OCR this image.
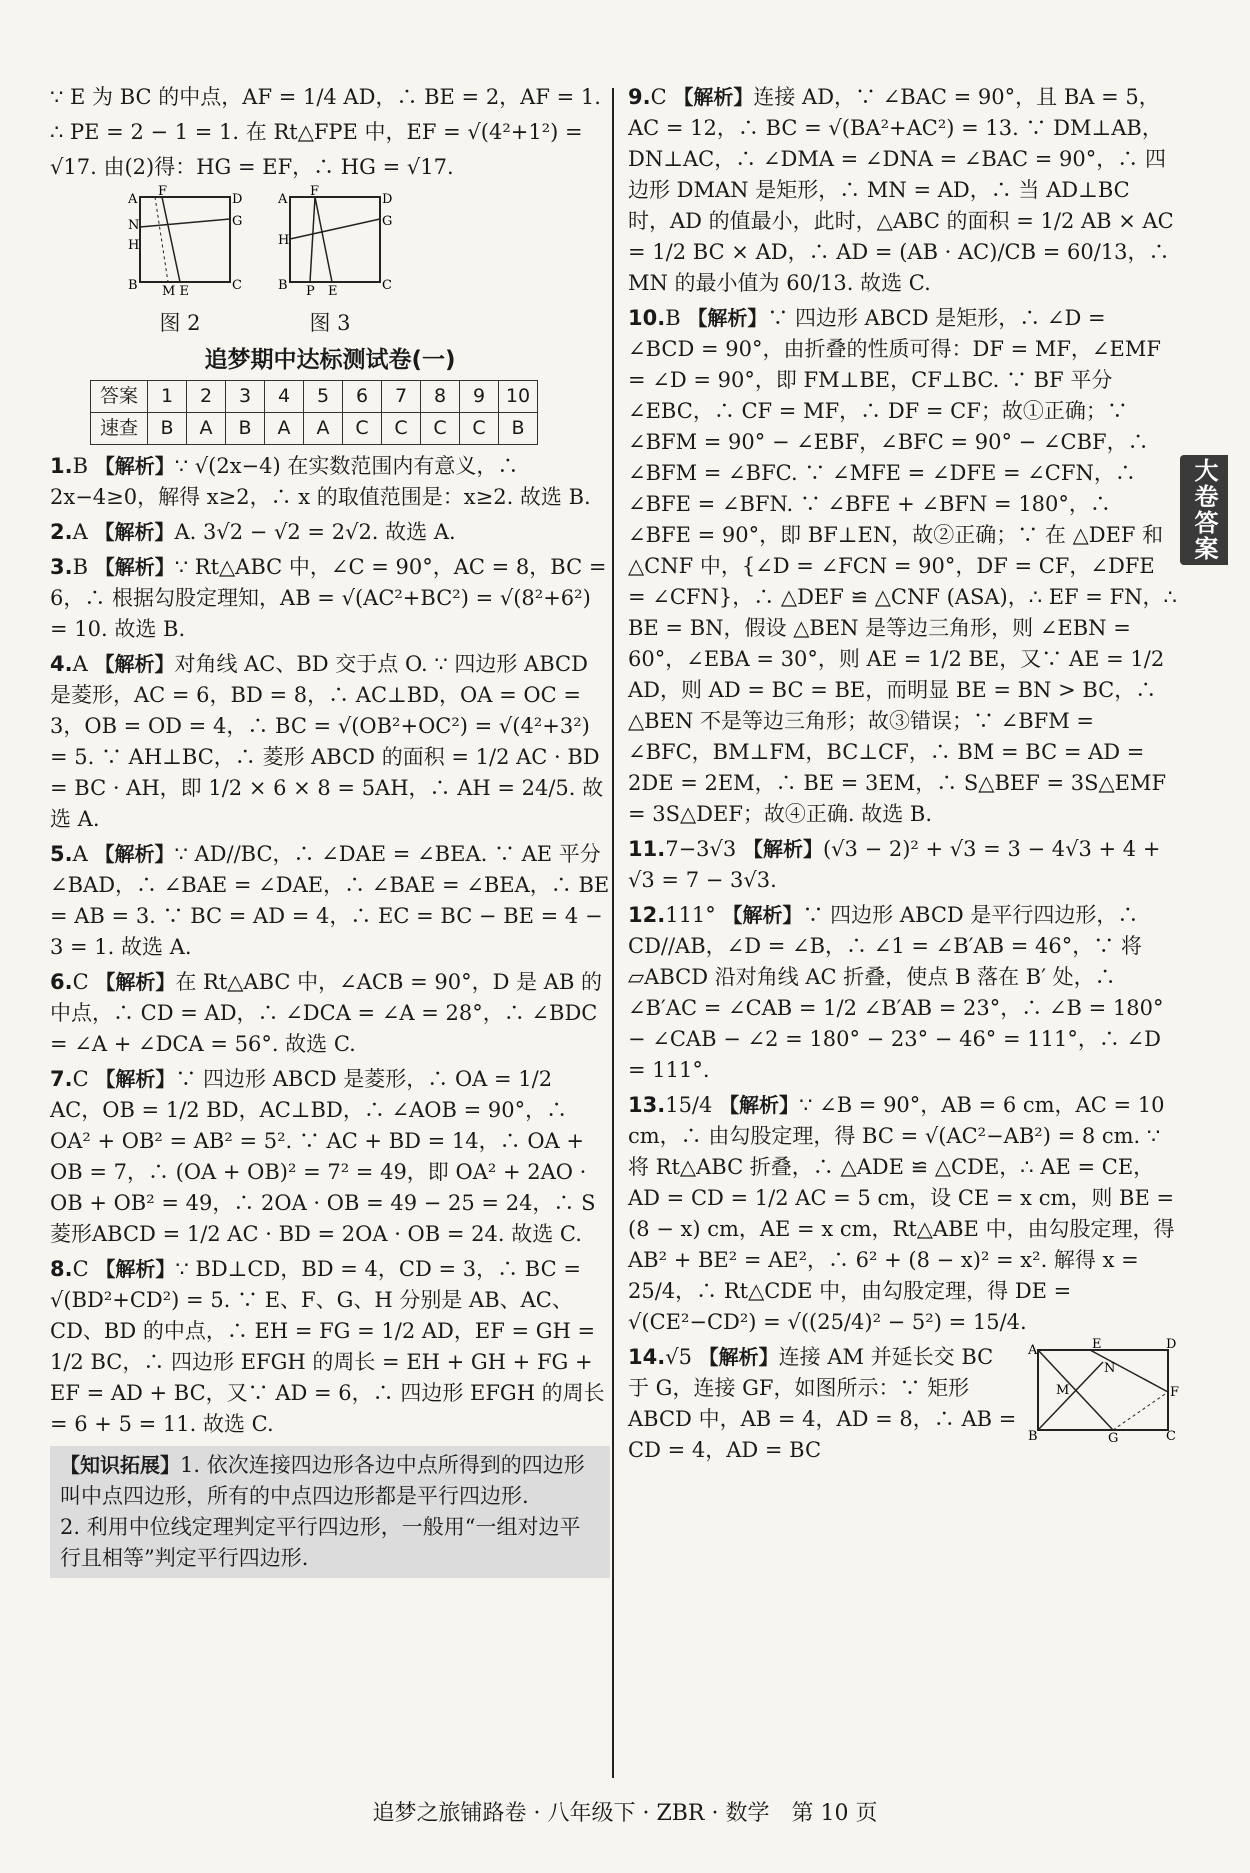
大卷答案

∵ E 为 BC 的中点，AF = 1/4 AD，∴ BE = 2，AF = 1.

∴ PE = 2 − 1 = 1. 在 Rt△FPE 中，EF = √(4²+1²) =

√17. 由(2)得：HG = EF，∴ HG = √17.

A
F
D
N	G
H
B M E	C
图 2
A
F
D
G
H
B P E	C
图 3
追梦期中达标测试卷(一)
答案	1	2	3	4	5	6	7	8	9	10
速查	B	A	B	A	A	C	C	C	C	B

1.B 【解析】∵ √(2x−4) 在实数范围内有意义，∴ 2x−4≥0，解得 x≥2，∴ x 的取值范围是：x≥2. 故选 B.

2.A 【解析】A. 3√2 − √2 = 2√2. 故选 A.

3.B 【解析】∵ Rt△ABC 中，∠C = 90°，AC = 8，BC = 6，∴ 根据勾股定理知，AB = √(AC²+BC²) = √(8²+6²) = 10. 故选 B.

4.A 【解析】对角线 AC、BD 交于点 O. ∵ 四边形 ABCD 是菱形，AC = 6，BD = 8，∴ AC⊥BD，OA = OC = 3，OB = OD = 4，∴ BC = √(OB²+OC²) = √(4²+3²) = 5. ∵ AH⊥BC，∴ 菱形 ABCD 的面积 = 1/2 AC · BD = BC · AH，即 1/2 × 6 × 8 = 5AH，∴ AH = 24/5. 故选 A.

5.A 【解析】∵ AD//BC，∴ ∠DAE = ∠BEA. ∵ AE 平分 ∠BAD，∴ ∠BAE = ∠DAE，∴ ∠BAE = ∠BEA，∴ BE = AB = 3. ∵ BC = AD = 4，∴ EC = BC − BE = 4 − 3 = 1. 故选 A.

6.C 【解析】在 Rt△ABC 中，∠ACB = 90°，D 是 AB 的中点，∴ CD = AD，∴ ∠DCA = ∠A = 28°，∴ ∠BDC = ∠A + ∠DCA = 56°. 故选 C.

7.C 【解析】∵ 四边形 ABCD 是菱形，∴ OA = 1/2 AC，OB = 1/2 BD，AC⊥BD，∴ ∠AOB = 90°，∴ OA² + OB² = AB² = 5². ∵ AC + BD = 14，∴ OA + OB = 7，∴ (OA + OB)² = 7² = 49，即 OA² + 2AO · OB + OB² = 49，∴ 2OA · OB = 49 − 25 = 24，∴ S菱形ABCD = 1/2 AC · BD = 2OA · OB = 24. 故选 C.

8.C 【解析】∵ BD⊥CD，BD = 4，CD = 3，∴ BC = √(BD²+CD²) = 5. ∵ E、F、G、H 分别是 AB、AC、CD、BD 的中点，∴ EH = FG = 1/2 AD，EF = GH = 1/2 BC，∴ 四边形 EFGH 的周长 = EH + GH + FG + EF = AD + BC，又∵ AD = 6，∴ 四边形 EFGH 的周长 = 6 + 5 = 11. 故选 C.

【知识拓展】1. 依次连接四边形各边中点所得到的四边形叫中点四边形，所有的中点四边形都是平行四边形.
2. 利用中位线定理判定平行四边形，一般用“一组对边平行且相等”判定平行四边形.

9.C 【解析】连接 AD，∵ ∠BAC = 90°，且 BA = 5，AC = 12，∴ BC = √(BA²+AC²) = 13. ∵ DM⊥AB，DN⊥AC，∴ ∠DMA = ∠DNA = ∠BAC = 90°，∴ 四边形 DMAN 是矩形，∴ MN = AD，∴ 当 AD⊥BC 时，AD 的值最小，此时，△ABC 的面积 = 1/2 AB × AC = 1/2 BC × AD，∴ AD = (AB · AC)/CB = 60/13，∴ MN 的最小值为 60/13. 故选 C.

10.B 【解析】∵ 四边形 ABCD 是矩形，∴ ∠D = ∠BCD = 90°，由折叠的性质可得：DF = MF，∠EMF = ∠D = 90°，即 FM⊥BE，CF⊥BC. ∵ BF 平分 ∠EBC，∴ CF = MF，∴ DF = CF；故①正确；∵ ∠BFM = 90° − ∠EBF，∠BFC = 90° − ∠CBF，∴ ∠BFM = ∠BFC. ∵ ∠MFE = ∠DFE = ∠CFN，∴ ∠BFE = ∠BFN. ∵ ∠BFE + ∠BFN = 180°，∴ ∠BFE = 90°，即 BF⊥EN，故②正确；∵ 在 △DEF 和 △CNF 中，{∠D = ∠FCN = 90°，DF = CF，∠DFE = ∠CFN}，∴ △DEF ≌ △CNF (ASA)，∴ EF = FN，∴ BE = BN，假设 △BEN 是等边三角形，则 ∠EBN = 60°，∠EBA = 30°，则 AE = 1/2 BE，又∵ AE = 1/2 AD，则 AD = BC = BE，而明显 BE = BN > BC，∴ △BEN 不是等边三角形；故③错误；∵ ∠BFM = ∠BFC，BM⊥FM，BC⊥CF，∴ BM = BC = AD = 2DE = 2EM，∴ BE = 3EM，∴ S△BEF = 3S△EMF = 3S△DEF；故④正确. 故选 B.

11.7−3√3 【解析】(√3 − 2)² + √3 = 3 − 4√3 + 4 + √3 = 7 − 3√3.

12.111° 【解析】∵ 四边形 ABCD 是平行四边形，∴ CD//AB，∠D = ∠B，∴ ∠1 = ∠B′AB = 46°，∵ 将 ▱ABCD 沿对角线 AC 折叠，使点 B 落在 B′ 处，∴ ∠B′AC = ∠CAB = 1/2 ∠B′AB = 23°，∴ ∠B = 180° − ∠CAB − ∠2 = 180° − 23° − 46° = 111°，∴ ∠D = 111°.

13.15/4 【解析】∵ ∠B = 90°，AB = 6 cm，AC = 10 cm，∴ 由勾股定理，得 BC = √(AC²−AB²) = 8 cm. ∵ 将 Rt△ABC 折叠，∴ △ADE ≌ △CDE，∴ AE = CE，AD = CD = 1/2 AC = 5 cm，设 CE = x cm，则 BE = (8 − x) cm，AE = x cm，Rt△ABE 中，由勾股定理，得 AB² + BE² = AE²，∴ 6² + (8 − x)² = x². 解得 x = 25/4，∴ Rt△CDE 中，由勾股定理，得 DE = √(CE²−CD²) = √((25/4)² − 5²) = 15/4.

14.√5 【解析】连接 AM 并延长交 BC 于 G，连接 GF，如图所示：∵ 矩形 ABCD 中，AB = 4，AD = 8，∴ AB = CD = 4，AD = BC

A	E	D
N
M	F
B	G	C
追梦之旅铺路卷 · 八年级下 · ZBR · 数学　第 10 页
